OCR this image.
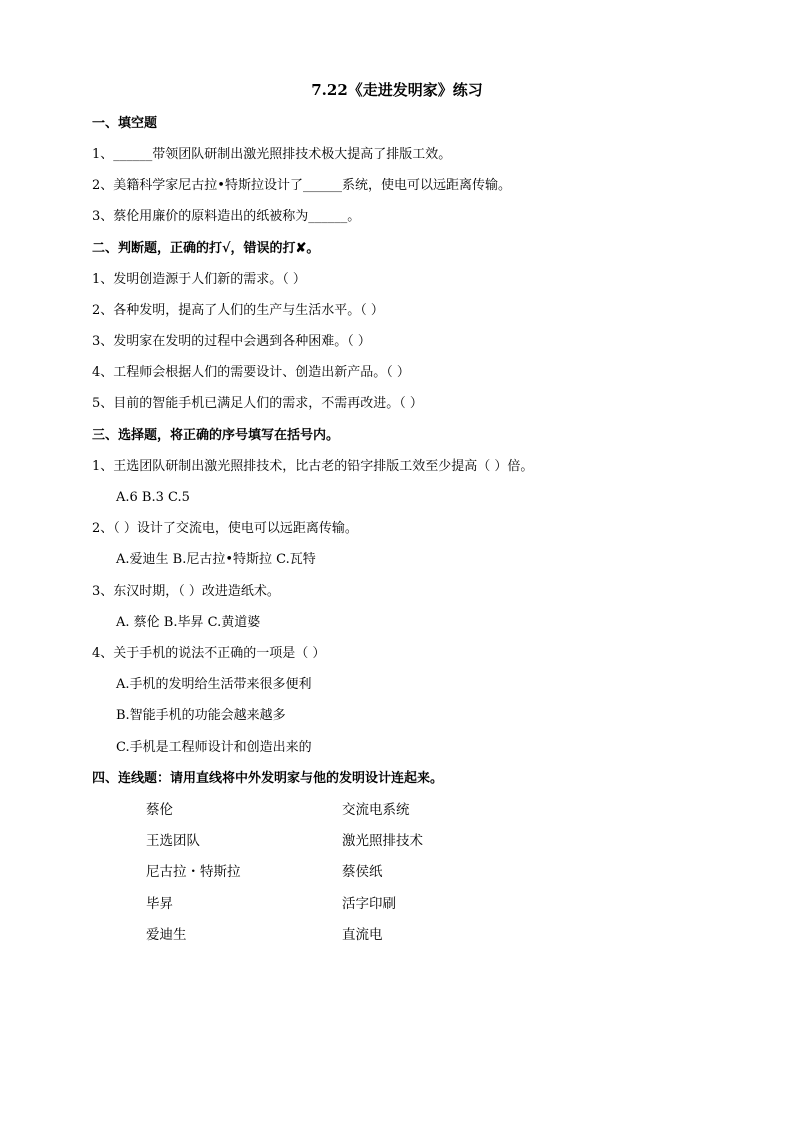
7.22《走进发明家》练习
一、填空题
1、______带领团队研制出激光照排技术极大提高了排版工效。
2、美籍科学家尼古拉•特斯拉设计了______系统，使电可以远距离传输。
3、蔡伦用廉价的原料造出的纸被称为______。
二、判断题，正确的打√，错误的打✘。
1、发明创造源于人们新的需求。（ ）
2、各种发明，提高了人们的生产与生活水平。（ ）
3、发明家在发明的过程中会遇到各种困难。（ ）
4、工程师会根据人们的需要设计、创造出新产品。（ ）
5、目前的智能手机已满足人们的需求，不需再改进。（ ）
三、选择题，将正确的序号填写在括号内。
1、王选团队研制出激光照排技术，比古老的铅字排版工效至少提高（ ）倍。
A.6 B.3 C.5
2、（ ）设计了交流电，使电可以远距离传输。
A.爱迪生 B.尼古拉•特斯拉 C.瓦特
3、东汉时期，（ ）改进造纸术。
A. 蔡伦 B.毕昇 C.黄道婆
4、关于手机的说法不正确的一项是（ ）
A.手机的发明给生活带来很多便利
B.智能手机的功能会越来越多
C.手机是工程师设计和创造出来的
四、连线题：请用直线将中外发明家与他的发明设计连起来。
蔡伦	交流电系统
王选团队	激光照排技术
尼古拉・特斯拉	蔡侯纸
毕昇	活字印刷
爱迪生	直流电
